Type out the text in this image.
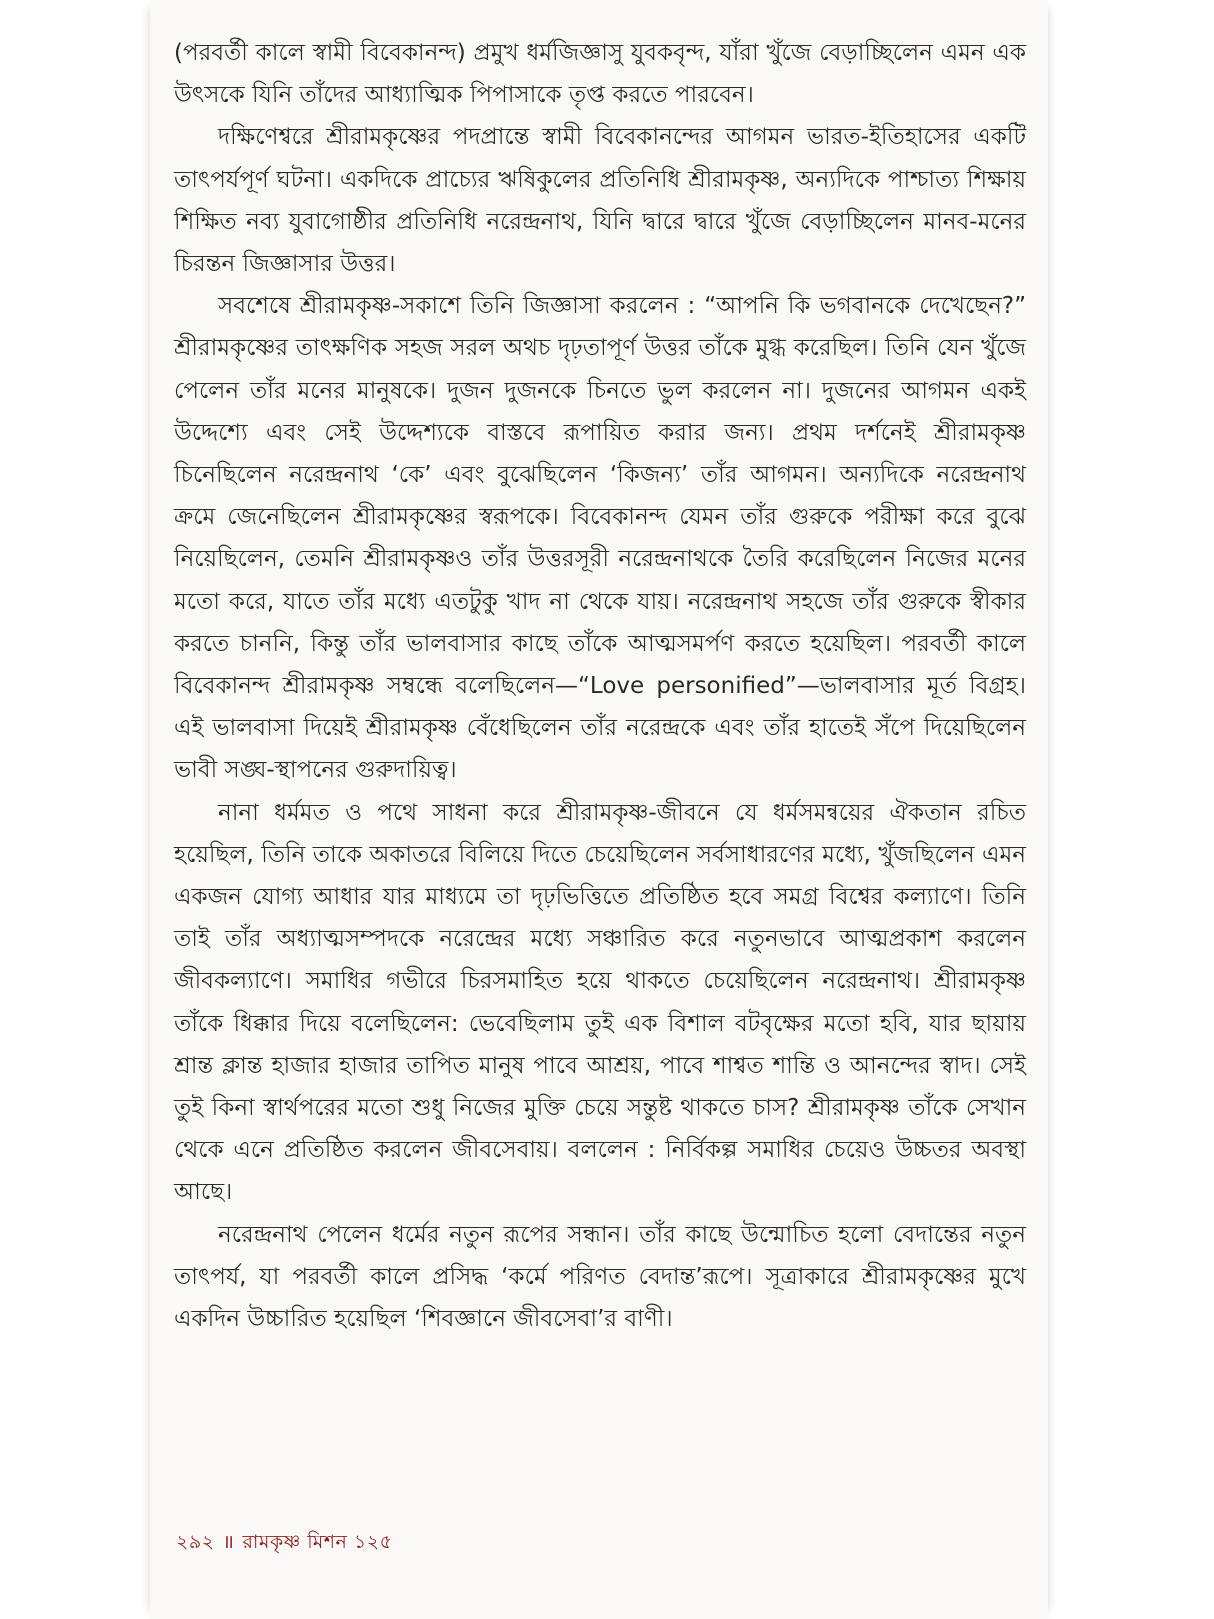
(পরবর্তী কালে স্বামী বিবেকানন্দ) প্রমুখ ধর্মজিজ্ঞাসু যুবকবৃন্দ, যাঁরা খুঁজে বেড়াচ্ছিলেন এমন এক উৎসকে যিনি তাঁদের আধ্যাত্মিক পিপাসাকে তৃপ্ত করতে পারবেন।

দক্ষিণেশ্বরে শ্রীরামকৃষ্ণের পদপ্রান্তে স্বামী বিবেকানন্দের আগমন ভারত-ইতিহাসের একটি তাৎপর্যপূর্ণ ঘটনা। একদিকে প্রাচ্যের ঋষিকুলের প্রতিনিধি শ্রীরামকৃষ্ণ, অন্যদিকে পাশ্চাত্য শিক্ষায় শিক্ষিত নব্য যুবাগোষ্ঠীর প্রতিনিধি নরেন্দ্রনাথ, যিনি দ্বারে দ্বারে খুঁজে বেড়াচ্ছিলেন মানব-মনের চিরন্তন জিজ্ঞাসার উত্তর।

সবশেষে শ্রীরামকৃষ্ণ-সকাশে তিনি জিজ্ঞাসা করলেন : “আপনি কি ভগবানকে দেখেছেন?” শ্রীরামকৃষ্ণের তাৎক্ষণিক সহজ সরল অথচ দৃঢ়তাপূর্ণ উত্তর তাঁকে মুগ্ধ করেছিল। তিনি যেন খুঁজে পেলেন তাঁর মনের মানুষকে। দুজন দুজনকে চিনতে ভুল করলেন না। দুজনের আগমন একই উদ্দেশ্যে এবং সেই উদ্দেশ্যকে বাস্তবে রূপায়িত করার জন্য। প্রথম দর্শনেই শ্রীরামকৃষ্ণ চিনেছিলেন নরেন্দ্রনাথ ‘কে’ এবং বুঝেছিলেন ‘কিজন্য’ তাঁর আগমন। অন্যদিকে নরেন্দ্রনাথ ক্রমে জেনেছিলেন শ্রীরামকৃষ্ণের স্বরূপকে। বিবেকানন্দ যেমন তাঁর গুরুকে পরীক্ষা করে বুঝে নিয়েছিলেন, তেমনি শ্রীরামকৃষ্ণও তাঁর উত্তরসূরী নরেন্দ্রনাথকে তৈরি করেছিলেন নিজের মনের মতো করে, যাতে তাঁর মধ্যে এতটুকু খাদ না থেকে যায়। নরেন্দ্রনাথ সহজে তাঁর গুরুকে স্বীকার করতে চাননি, কিন্তু তাঁর ভালবাসার কাছে তাঁকে আত্মসমর্পণ করতে হয়েছিল। পরবর্তী কালে বিবেকানন্দ শ্রীরামকৃষ্ণ সম্বন্ধে বলেছিলেন—“Love personified”—ভালবাসার মূর্ত বিগ্রহ। এই ভালবাসা দিয়েই শ্রীরামকৃষ্ণ বেঁধেছিলেন তাঁর নরেন্দ্রকে এবং তাঁর হাতেই সঁপে দিয়েছিলেন ভাবী সঙ্ঘ-স্থাপনের গুরুদায়িত্ব।

নানা ধর্মমত ও পথে সাধনা করে শ্রীরামকৃষ্ণ-জীবনে যে ধর্মসমন্বয়ের ঐকতান রচিত হয়েছিল, তিনি তাকে অকাতরে বিলিয়ে দিতে চেয়েছিলেন সর্বসাধারণের মধ্যে, খুঁজছিলেন এমন একজন যোগ্য আধার যার মাধ্যমে তা দৃঢ়ভিত্তিতে প্রতিষ্ঠিত হবে সমগ্র বিশ্বের কল্যাণে। তিনি তাই তাঁর অধ্যাত্মসম্পদকে নরেন্দ্রের মধ্যে সঞ্চারিত করে নতুনভাবে আত্মপ্রকাশ করলেন জীবকল্যাণে। সমাধির গভীরে চিরসমাহিত হয়ে থাকতে চেয়েছিলেন নরেন্দ্রনাথ। শ্রীরামকৃষ্ণ তাঁকে ধিক্কার দিয়ে বলেছিলেন: ভেবেছিলাম তুই এক বিশাল বটবৃক্ষের মতো হবি, যার ছায়ায় শ্রান্ত ক্লান্ত হাজার হাজার তাপিত মানুষ পাবে আশ্রয়, পাবে শাশ্বত শান্তি ও আনন্দের স্বাদ। সেই তুই কিনা স্বার্থপরের মতো শুধু নিজের মুক্তি চেয়ে সন্তুষ্ট থাকতে চাস? শ্রীরামকৃষ্ণ তাঁকে সেখান থেকে এনে প্রতিষ্ঠিত করলেন জীবসেবায়। বললেন : নির্বিকল্প সমাধির চেয়েও উচ্চতর অবস্থা আছে।

নরেন্দ্রনাথ পেলেন ধর্মের নতুন রূপের সন্ধান। তাঁর কাছে উন্মোচিত হলো বেদান্তের নতুন তাৎপর্য, যা পরবর্তী কালে প্রসিদ্ধ ‘কর্মে পরিণত বেদান্ত’রূপে। সূত্রাকারে শ্রীরামকৃষ্ণের মুখে একদিন উচ্চারিত হয়েছিল ‘শিবজ্ঞানে জীবসেবা’র বাণী।

২৯২ ॥ রামকৃষ্ণ মিশন ১২৫
